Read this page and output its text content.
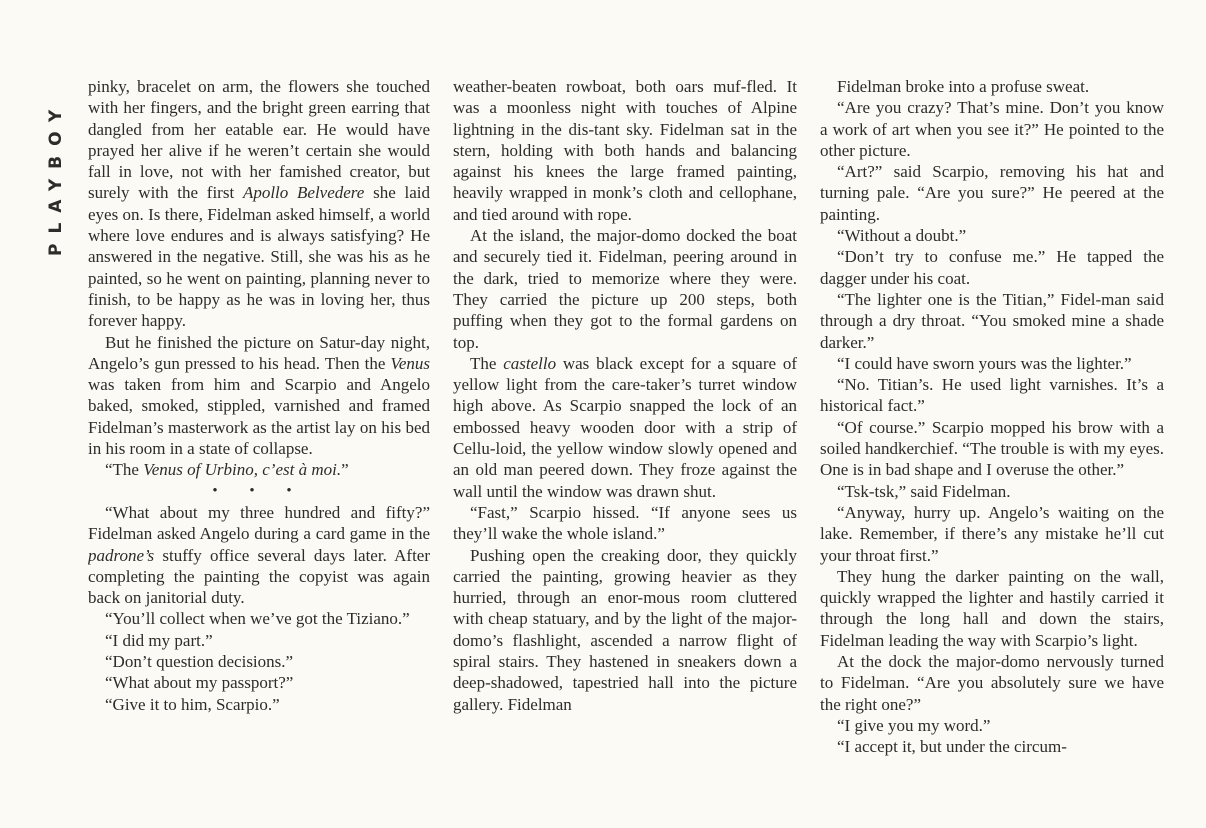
PLAYBOY

pinky, bracelet on arm, the flowers she touched with her fingers, and the bright green earring that dangled from her eatable ear. He would have prayed her alive if he weren’t certain she would fall in love, not with her famished creator, but surely with the first Apollo Belvedere she laid eyes on. Is there, Fidelman asked himself, a world where love endures and is always satisfying? He answered in the negative. Still, she was his as he painted, so he went on painting, planning never to finish, to be happy as he was in loving her, thus forever happy.

But he finished the picture on Satur-day night, Angelo’s gun pressed to his head. Then the Venus was taken from him and Scarpio and Angelo baked, smoked, stippled, varnished and framed Fidelman’s masterwork as the artist lay on his bed in his room in a state of collapse.

“The Venus of Urbino, c’est à moi.”

• • •

“What about my three hundred and fifty?” Fidelman asked Angelo during a card game in the padrone’s stuffy office several days later. After completing the painting the copyist was again back on janitorial duty.

“You’ll collect when we’ve got the Tiziano.”

“I did my part.”

“Don’t question decisions.”

“What about my passport?”

“Give it to him, Scarpio.”

weather-beaten rowboat, both oars muf-fled. It was a moonless night with touches of Alpine lightning in the dis-tant sky. Fidelman sat in the stern, holding with both hands and balancing against his knees the large framed painting, heavily wrapped in monk’s cloth and cellophane, and tied around with rope.

At the island, the major-domo docked the boat and securely tied it. Fidelman, peering around in the dark, tried to memorize where they were. They carried the picture up 200 steps, both puffing when they got to the formal gardens on top.

The castello was black except for a square of yellow light from the care-taker’s turret window high above. As Scarpio snapped the lock of an embossed heavy wooden door with a strip of Cellu-loid, the yellow window slowly opened and an old man peered down. They froze against the wall until the window was drawn shut.

“Fast,” Scarpio hissed. “If anyone sees us they’ll wake the whole island.”

Pushing open the creaking door, they quickly carried the painting, growing heavier as they hurried, through an enor-mous room cluttered with cheap statuary, and by the light of the major-domo’s flashlight, ascended a narrow flight of spiral stairs. They hastened in sneakers down a deep-shadowed, tapestried hall into the picture gallery. Fidelman

Fidelman broke into a profuse sweat.

“Are you crazy? That’s mine. Don’t you know a work of art when you see it?” He pointed to the other picture.

“Art?” said Scarpio, removing his hat and turning pale. “Are you sure?” He peered at the painting.

“Without a doubt.”

“Don’t try to confuse me.” He tapped the dagger under his coat.

“The lighter one is the Titian,” Fidel-man said through a dry throat. “You smoked mine a shade darker.”

“I could have sworn yours was the lighter.”

“No. Titian’s. He used light varnishes. It’s a historical fact.”

“Of course.” Scarpio mopped his brow with a soiled handkerchief. “The trouble is with my eyes. One is in bad shape and I overuse the other.”

“Tsk-tsk,” said Fidelman.

“Anyway, hurry up. Angelo’s waiting on the lake. Remember, if there’s any mistake he’ll cut your throat first.”

They hung the darker painting on the wall, quickly wrapped the lighter and hastily carried it through the long hall and down the stairs, Fidelman leading the way with Scarpio’s light.

At the dock the major-domo nervously turned to Fidelman. “Are you absolutely sure we have the right one?”

“I give you my word.”

“I accept it, but under the circum-
